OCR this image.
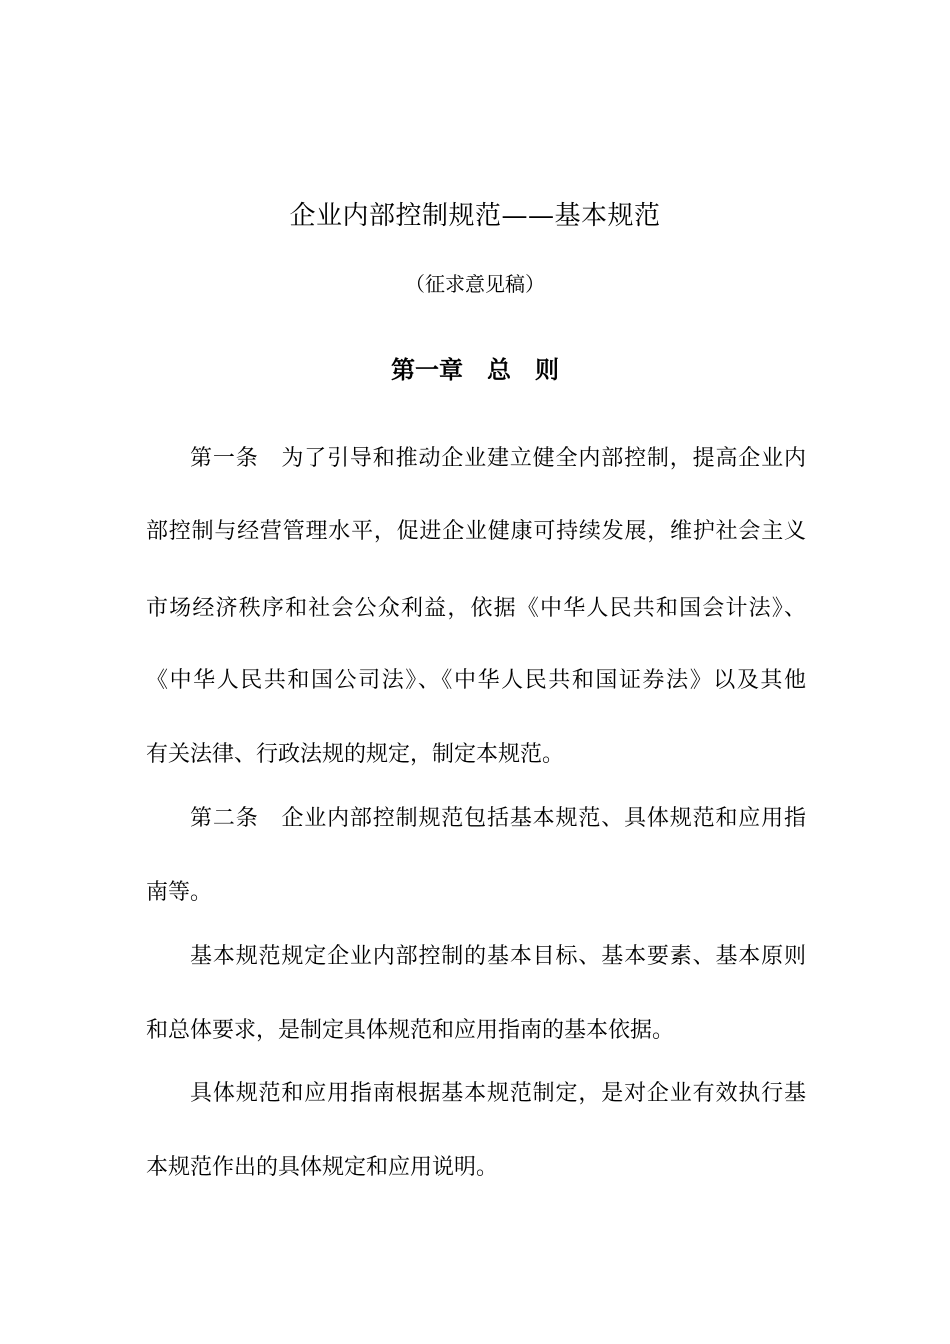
企业内部控制规范——基本规范
（征求意见稿）
第一章　总　则
第一条 为了引导和推动企业建立健全内部控制，提高企业内
部控制与经营管理水平，促进企业健康可持续发展，维护社会主义
市场经济秩序和社会公众利益，依据《中华人民共和国会计法》、
《中华人民共和国公司法》、《中华人民共和国证券法》以及其他
有关法律、行政法规的规定，制定本规范。
第二条 企业内部控制规范包括基本规范、具体规范和应用指
南等。
基本规范规定企业内部控制的基本目标、基本要素、基本原则
和总体要求，是制定具体规范和应用指南的基本依据。
具体规范和应用指南根据基本规范制定，是对企业有效执行基
本规范作出的具体规定和应用说明。
